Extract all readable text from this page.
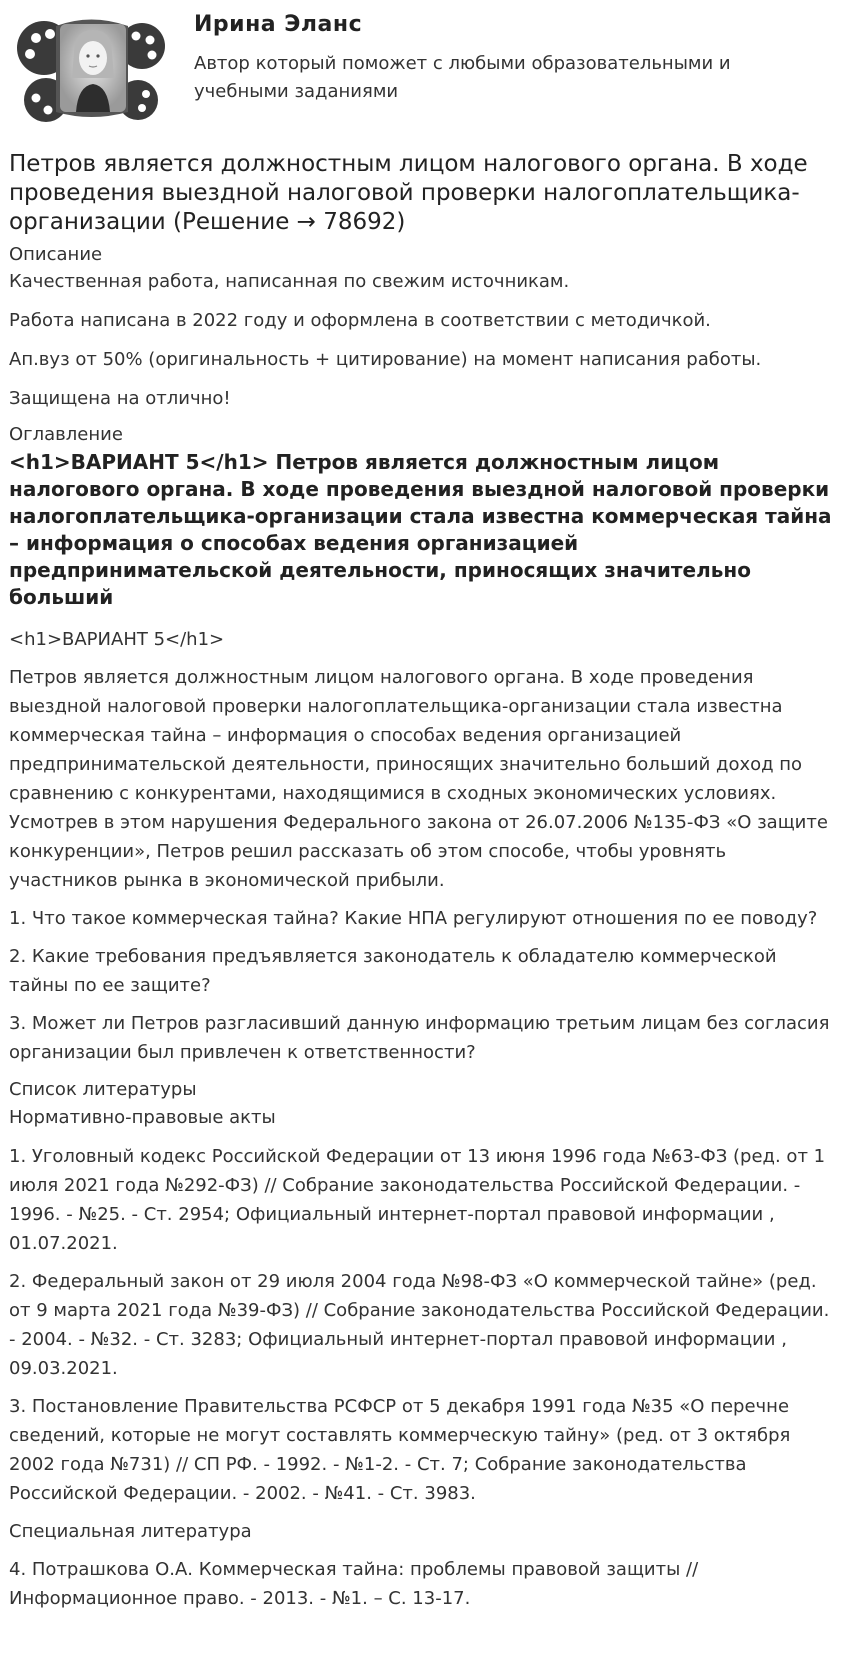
Ирина Эланс
Автор который поможет с любыми образовательными и учебными заданиями
Петров является должностным лицом налогового органа. В ходе проведения выездной налоговой проверки налогоплательщика-организации (Решение → 78692)
Описание

Качественная работа, написанная по свежим источникам.

Работа написана в 2022 году и оформлена в соответствии с методичкой.

Ап.вуз от 50% (оригинальность + цитирование) на момент написания работы.

Защищена на отлично!

Оглавление
<h1>ВАРИАНТ 5</h1> Петров является должностным лицом налогового органа. В ходе проведения выездной налоговой проверки налогоплательщика-организации стала известна коммерческая тайна – информация о способах ведения организацией предпринимательской деятельности, приносящих значительно больший

<h1>ВАРИАНТ 5</h1>

Петров является должностным лицом налогового органа. В ходе проведения выездной налоговой проверки налогоплательщика-организации стала известна коммерческая тайна – информация о способах ведения организацией предпринимательской деятельности, приносящих значительно больший доход по сравнению с конкурентами, находящимися в сходных экономических условиях. Усмотрев в этом нарушения Федерального закона от 26.07.2006 №135-ФЗ «О защите конкуренции», Петров решил рассказать об этом способе, чтобы уровнять участников рынка в экономической прибыли.

1. Что такое коммерческая тайна? Какие НПА регулируют отношения по ее поводу?

2. Какие требования предъявляется законодатель к обладателю коммерческой тайны по ее защите?

3. Может ли Петров разгласивший данную информацию третьим лицам без согласия организации был привлечен к ответственности?

Список литературы
Нормативно-правовые акты

1. Уголовный кодекс Российской Федерации от 13 июня 1996 года №63-ФЗ (ред. от 1 июля 2021 года №292-ФЗ) // Собрание законодательства Российской Федерации. - 1996. - №25. - Ст. 2954; Официальный интернет-портал правовой информации , 01.07.2021.

2. Федеральный закон от 29 июля 2004 года №98-ФЗ «О коммерческой тайне» (ред. от 9 марта 2021 года №39-ФЗ) // Собрание законодательства Российской Федерации. - 2004. - №32. - Ст. 3283; Официальный интернет-портал правовой информации , 09.03.2021.

3. Постановление Правительства РСФСР от 5 декабря 1991 года №35 «О перечне сведений, которые не могут составлять коммерческую тайну» (ред. от 3 октября 2002 года №731) // СП РФ. - 1992. - №1-2. - Ст. 7; Собрание законодательства Российской Федерации. - 2002. - №41. - Ст. 3983.

Специальная литература

4. Потрашкова О.А. Коммерческая тайна: проблемы правовой защиты // Информационное право. - 2013. - №1. – С. 13-17.
